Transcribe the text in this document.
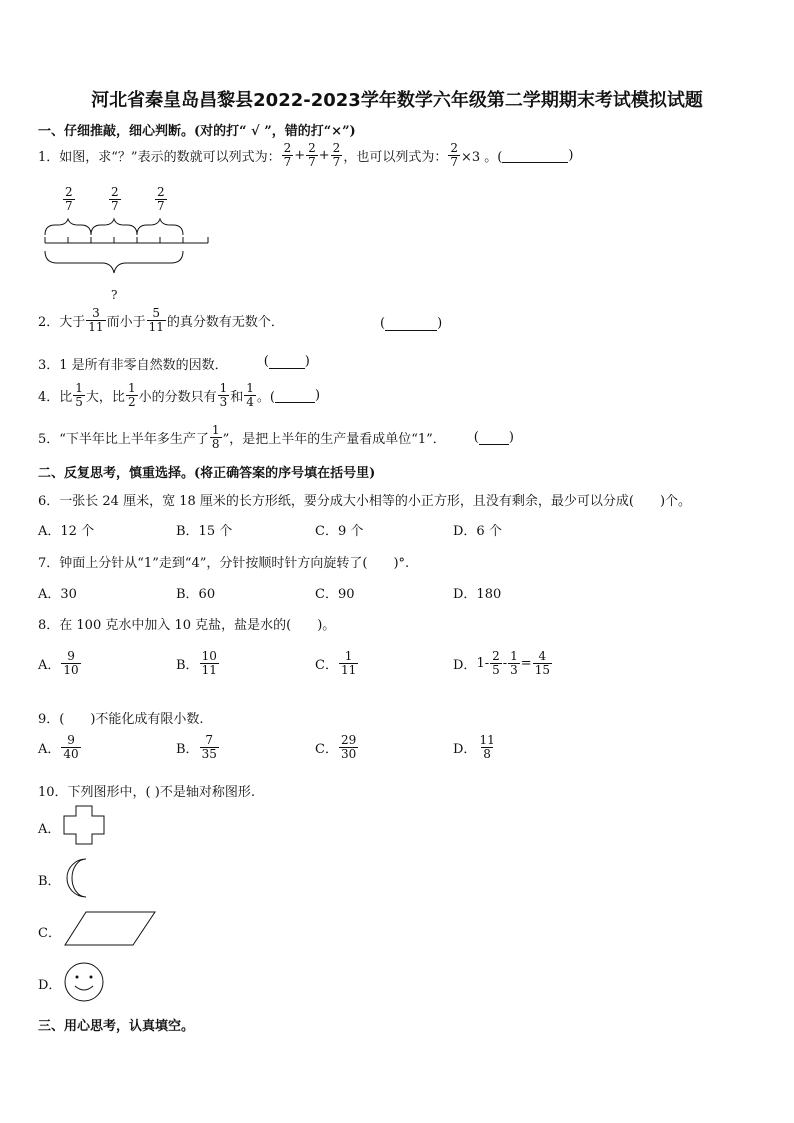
河北省秦皇岛昌黎县2022-2023学年数学六年级第二学期期末考试模拟试题
一、仔细推敲，细心判断。(对的打“ √ ”，错的打“×”)
1．如图，求“？”表示的数就可以列式为： $\frac{2}{7} + \frac{2}{7} + \frac{2}{7}$ ，也可以列式为： $\frac{2}{7} \times 3$ 。(	)
$\frac{2}{7}$	$\frac{2}{7}$	$\frac{2}{7}$
?
2．大于 $\frac{3}{11}$ 而小于 $\frac{5}{11}$ 的真分数有无数个．	(	)
3．1 是所有非零自然数的因数．	(	)
4．比 $\frac{1}{5}$ 大，比 $\frac{1}{2}$ 小的分数只有 $\frac{1}{3}$ 和 $\frac{1}{4}$ 。(	)
5．“下半年比上半年多生产了 $\frac{1}{8}$ ”，是把上半年的生产量看成单位“1”． ( )
二、反复思考，慎重选择。(将正确答案的序号填在括号里)
6．一张长 24 厘米，宽 18 厘米的长方形纸，要分成大小相等的小正方形，且没有剩余，最少可以分成(　　)个。
A．12 个	B．15 个	C．9 个	D．6 个
7．钟面上分针从“1”走到“4”，分针按顺时针方向旋转了(　　)°.
A．30	B．60	C．90	D．180
8．在 100 克水中加入 10 克盐，盐是水的(　　)。
A． $\frac{9}{10}$	B． $\frac{10}{11}$	C． $\frac{1}{11}$	D． $1- \frac{2}{5} - \frac{1}{3} = \frac{4}{15}$
9．(　　)不能化成有限小数.
A． $\frac{9}{40}$	B． $\frac{7}{35}$	C． $\frac{29}{30}$	D． $\frac{11}{8}$
10．下列图形中，( )不是轴对称图形.
A．
B．
C．
D．
三、用心思考，认真填空。
